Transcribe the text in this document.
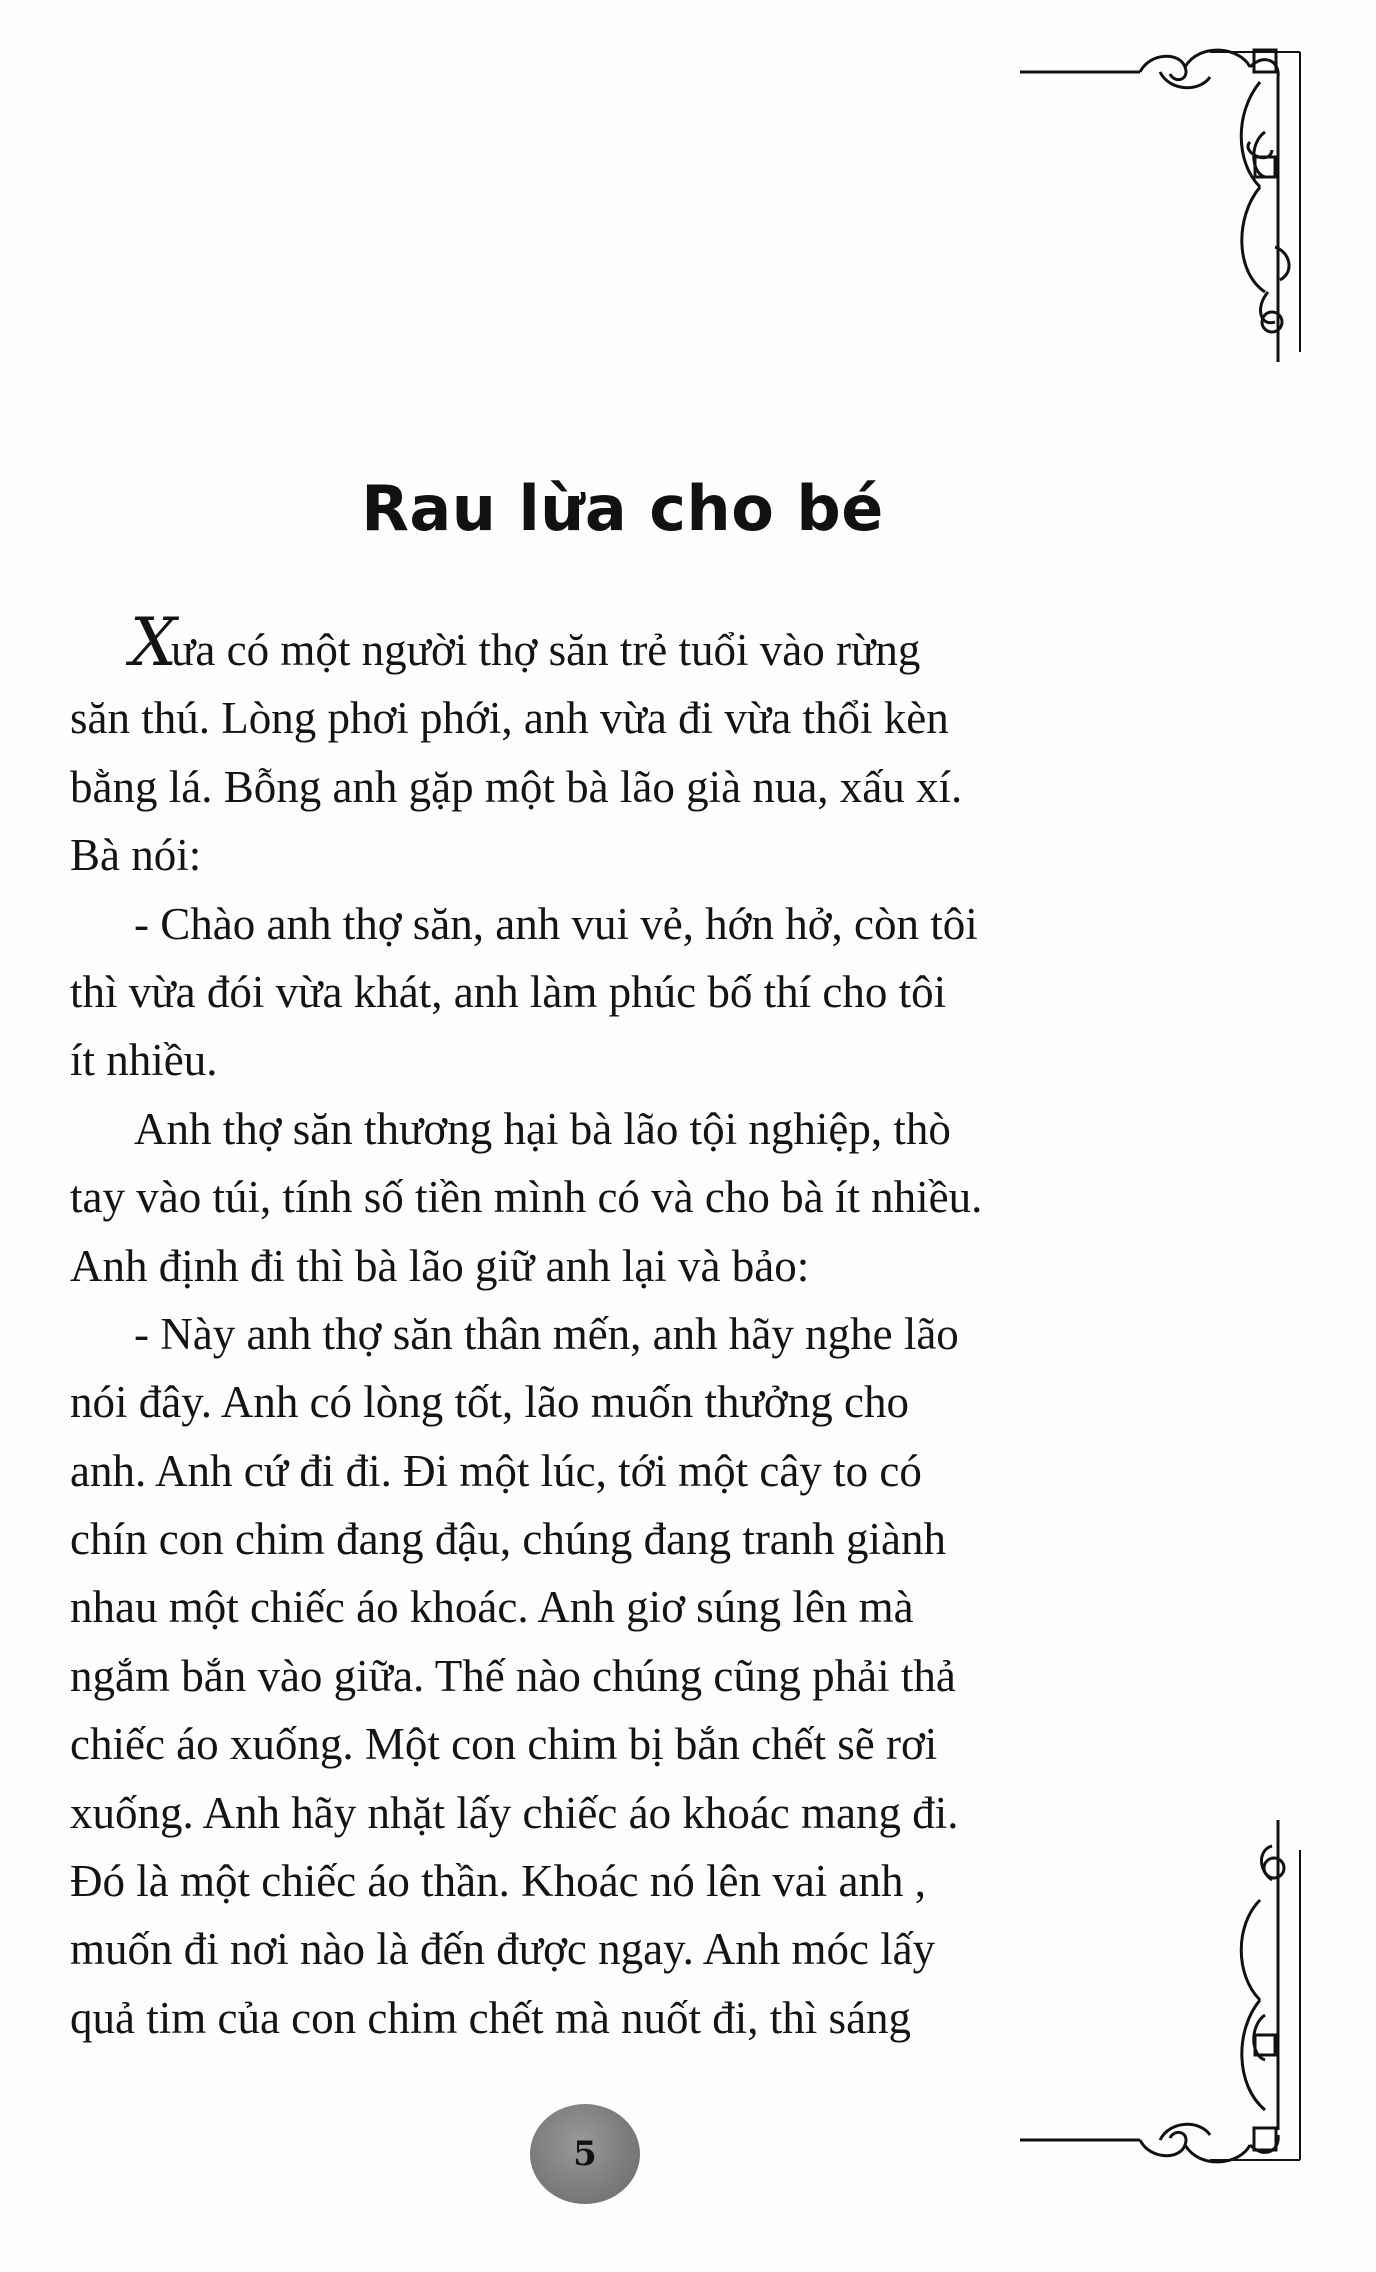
Rau lừa cho bé
Xưa có một người thợ săn trẻ tuổi vào rừng
săn thú. Lòng phơi phới, anh vừa đi vừa thổi kèn
bằng lá. Bỗng anh gặp một bà lão già nua, xấu xí.
Bà nói:
- Chào anh thợ săn, anh vui vẻ, hớn hở, còn tôi
thì vừa đói vừa khát, anh làm phúc bố thí cho tôi
ít nhiều.
Anh thợ săn thương hại bà lão tội nghiệp, thò
tay vào túi, tính số tiền mình có và cho bà ít nhiều.
Anh định đi thì bà lão giữ anh lại và bảo:
- Này anh thợ săn thân mến, anh hãy nghe lão
nói đây. Anh có lòng tốt, lão muốn thưởng cho
anh. Anh cứ đi đi. Đi một lúc, tới một cây to có
chín con chim đang đậu, chúng đang tranh giành
nhau một chiếc áo khoác. Anh giơ súng lên mà
ngắm bắn vào giữa. Thế nào chúng cũng phải thả
chiếc áo xuống. Một con chim bị bắn chết sẽ rơi
xuống. Anh hãy nhặt lấy chiếc áo khoác mang đi.
Đó là một chiếc áo thần. Khoác nó lên vai anh ,
muốn đi nơi nào là đến được ngay. Anh móc lấy
quả tim của con chim chết mà nuốt đi, thì sáng
5
